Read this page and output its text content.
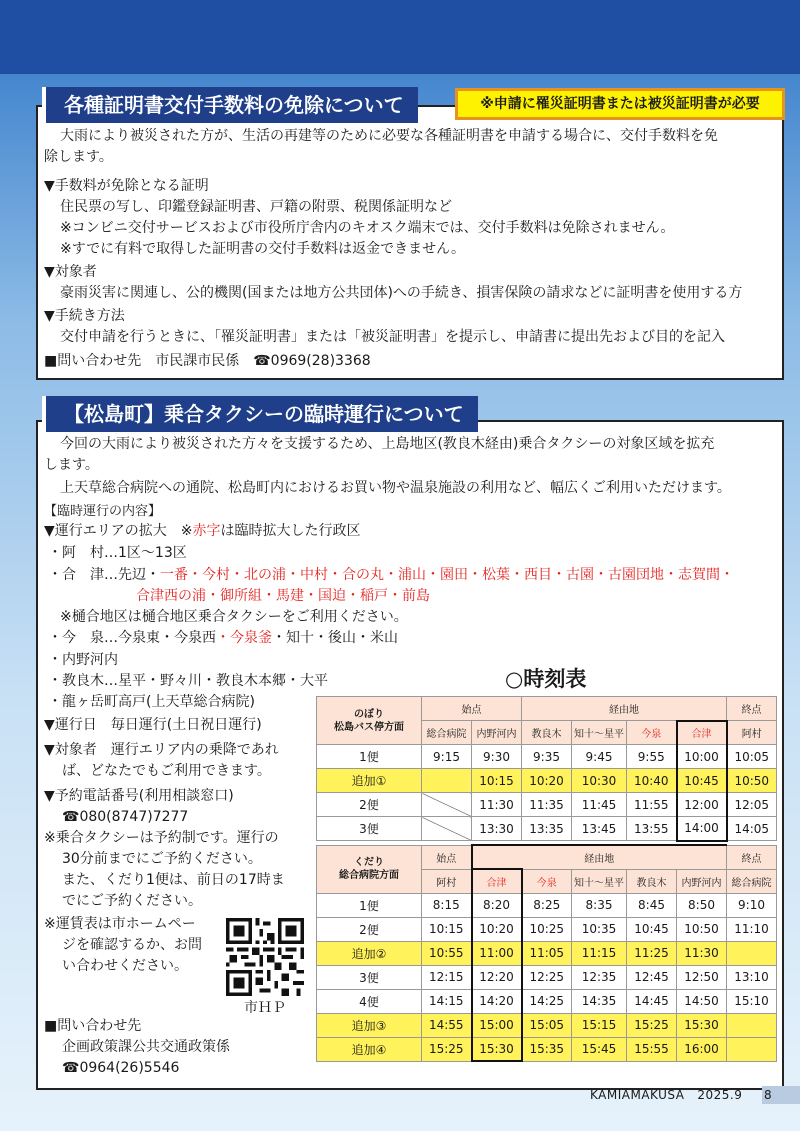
各種証明書交付手数料の免除について	※申請に罹災証明書または被災証明書が必要
大雨により被災された方が、生活の再建等のために必要な各種証明書を申請する場合に、交付手数料を免
除します。
▼手数料が免除となる証明
住民票の写し、印鑑登録証明書、戸籍の附票、税関係証明など
※コンビニ交付サービスおよび市役所庁舎内のキオスク端末では、交付手数料は免除されません。
※すでに有料で取得した証明書の交付手数料は返金できません。
▼対象者
豪雨災害に関連し、公的機関(国または地方公共団体)への手続き、損害保険の請求などに証明書を使用する方
▼手続き方法
交付申請を行うときに、「罹災証明書」または「被災証明書」を提示し、申請書に提出先および目的を記入
■問い合わせ先　市民課市民係　☎0969(28)3368
【松島町】乗合タクシーの臨時運行について
今回の大雨により被災された方々を支援するため、上島地区(教良木経由)乗合タクシーの対象区域を拡充
します。
上天草総合病院への通院、松島町内におけるお買い物や温泉施設の利用など、幅広くご利用いただけます。
【臨時運行の内容】
▼運行エリアの拡大　※赤字は臨時拡大した行政区
・阿　村…1区～13区
・合　津…先辺・一番・今村・北の浦・中村・合の丸・浦山・園田・松葉・西目・古園・古園団地・志賀間・
合津西の浦・御所組・馬建・国迫・稲戸・前島
※樋合地区は樋合地区乗合タクシーをご利用ください。
・今　泉…今泉東・今泉西・今泉釜・知十・後山・米山
・内野河内
・教良木…星平・野々川・教良木本郷・大平
・龍ヶ岳町高戸(上天草総合病院)
▼運行日　毎日運行(土日祝日運行)
▼対象者　運行エリア内の乗降であれ
ば、どなたでもご利用できます。
▼予約電話番号(利用相談窓口)
☎080(8747)7277
※乗合タクシーは予約制です。運行の
30分前までにご予約ください。
また、くだり1便は、前日の17時ま
でにご予約ください。
※運賃表は市ホームペー
ジを確認するか、お問
い合わせください。
市ＨＰ
■問い合わせ先
企画政策課公共交通政策係
☎0964(26)5546
○時刻表
のぼり
松島バス停方面	始点		経由地				終点
	総合病院	内野河内	教良木	知十～星平	今泉	合津	阿村
1便	9:15	9:30	9:35	9:45	9:55	10:00	10:05
追加①		10:15	10:20	10:30	10:40	10:45	10:50
2便		11:30	11:35	11:45	11:55	12:00	12:05
3便		13:30	13:35	13:45	13:55	14:00	14:05
くだり
総合病院方面	始点	経由地					終点
	阿村	合津	今泉	知十～星平	教良木	内野河内	総合病院
1便	8:15	8:20	8:25	8:35	8:45	8:50	9:10
2便	10:15	10:20	10:25	10:35	10:45	10:50	11:10
追加②	10:55	11:00	11:05	11:15	11:25	11:30	
3便	12:15	12:20	12:25	12:35	12:45	12:50	13:10
4便	14:15	14:20	14:25	14:35	14:45	14:50	15:10
追加③	14:55	15:00	15:05	15:15	15:25	15:30	
追加④	15:25	15:30	15:35	15:45	15:55	16:00	
KAMIAMAKUSA 2025.9 8
